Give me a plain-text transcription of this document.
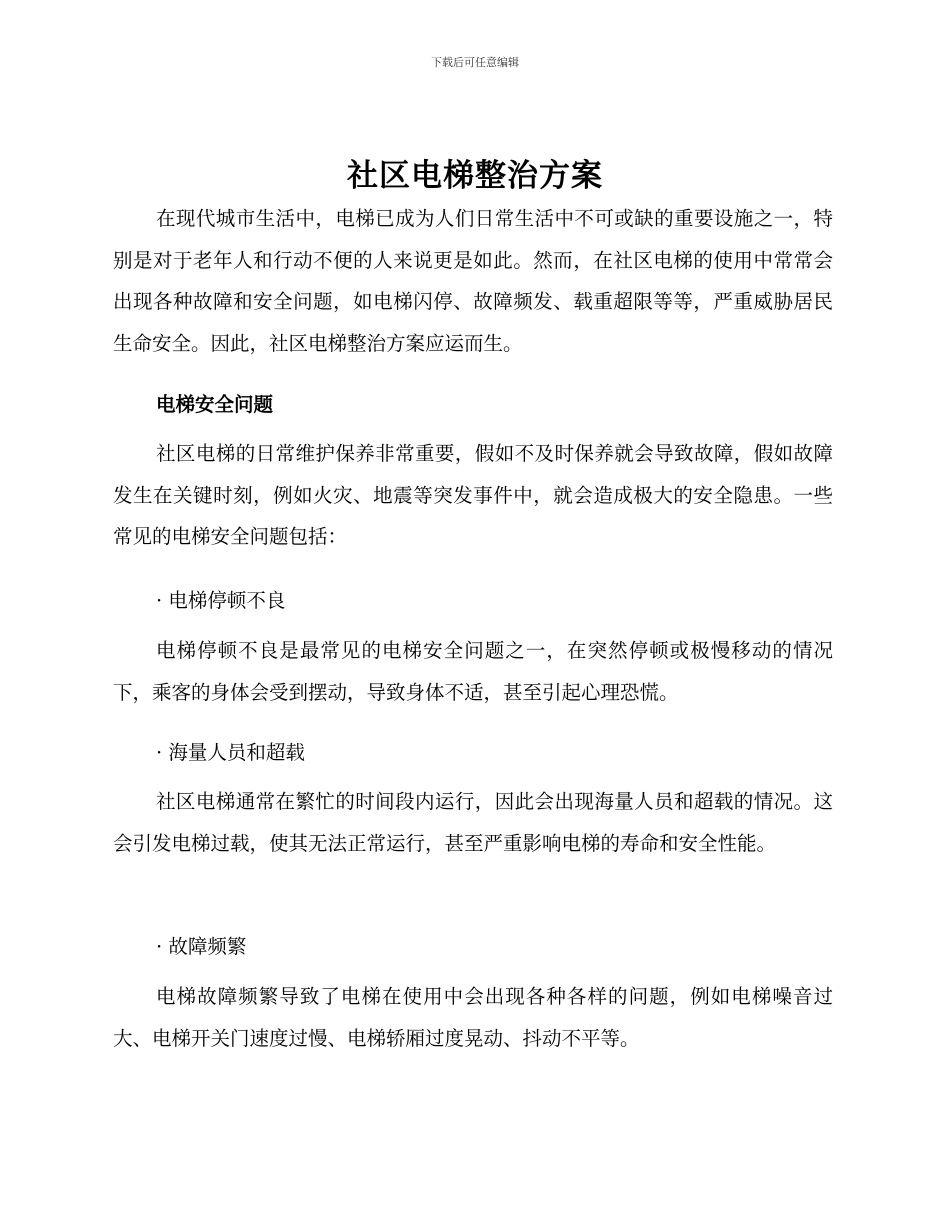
下载后可任意编辑
社区电梯整治方案

在现代城市生活中，电梯已成为人们日常生活中不可或缺的重要设施之一，特别是对于老年人和行动不便的人来说更是如此。然而，在社区电梯的使用中常常会出现各种故障和安全问题，如电梯闪停、故障频发、载重超限等等，严重威胁居民生命安全。因此，社区电梯整治方案应运而生。

电梯安全问题

社区电梯的日常维护保养非常重要，假如不及时保养就会导致故障，假如故障发生在关键时刻，例如火灾、地震等突发事件中，就会造成极大的安全隐患。一些常见的电梯安全问题包括：

· 电梯停顿不良

电梯停顿不良是最常见的电梯安全问题之一，在突然停顿或极慢移动的情况下，乘客的身体会受到摆动，导致身体不适，甚至引起心理恐慌。

· 海量人员和超载

社区电梯通常在繁忙的时间段内运行，因此会出现海量人员和超载的情况。这会引发电梯过载，使其无法正常运行，甚至严重影响电梯的寿命和安全性能。

· 故障频繁

电梯故障频繁导致了电梯在使用中会出现各种各样的问题，例如电梯噪音过大、电梯开关门速度过慢、电梯轿厢过度晃动、抖动不平等。
